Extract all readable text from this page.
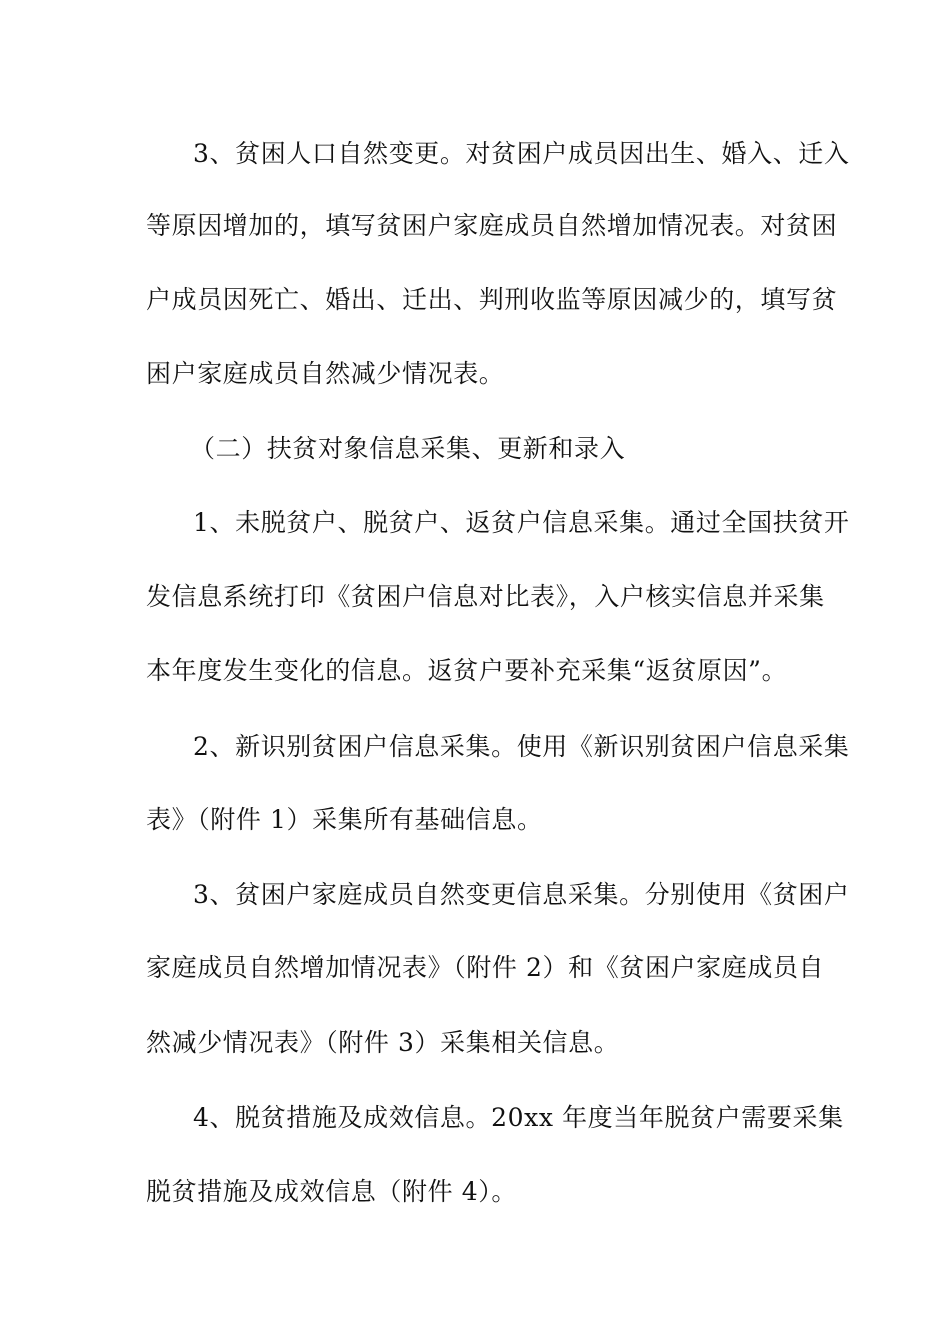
3、贫困人口自然变更。对贫困户成员因出生、婚入、迁入
等原因增加的，填写贫困户家庭成员自然增加情况表。对贫困
户成员因死亡、婚出、迁出、判刑收监等原因减少的，填写贫
困户家庭成员自然减少情况表。
（二）扶贫对象信息采集、更新和录入
1、未脱贫户、脱贫户、返贫户信息采集。通过全国扶贫开
发信息系统打印《贫困户信息对比表》，入户核实信息并采集
本年度发生变化的信息。返贫户要补充采集“返贫原因”。
2、新识别贫困户信息采集。使用《新识别贫困户信息采集
表》（附件 1）采集所有基础信息。
3、贫困户家庭成员自然变更信息采集。分别使用《贫困户
家庭成员自然增加情况表》（附件 2）和《贫困户家庭成员自
然减少情况表》（附件 3）采集相关信息。
4、脱贫措施及成效信息。20xx 年度当年脱贫户需要采集
脱贫措施及成效信息（附件 4）。
